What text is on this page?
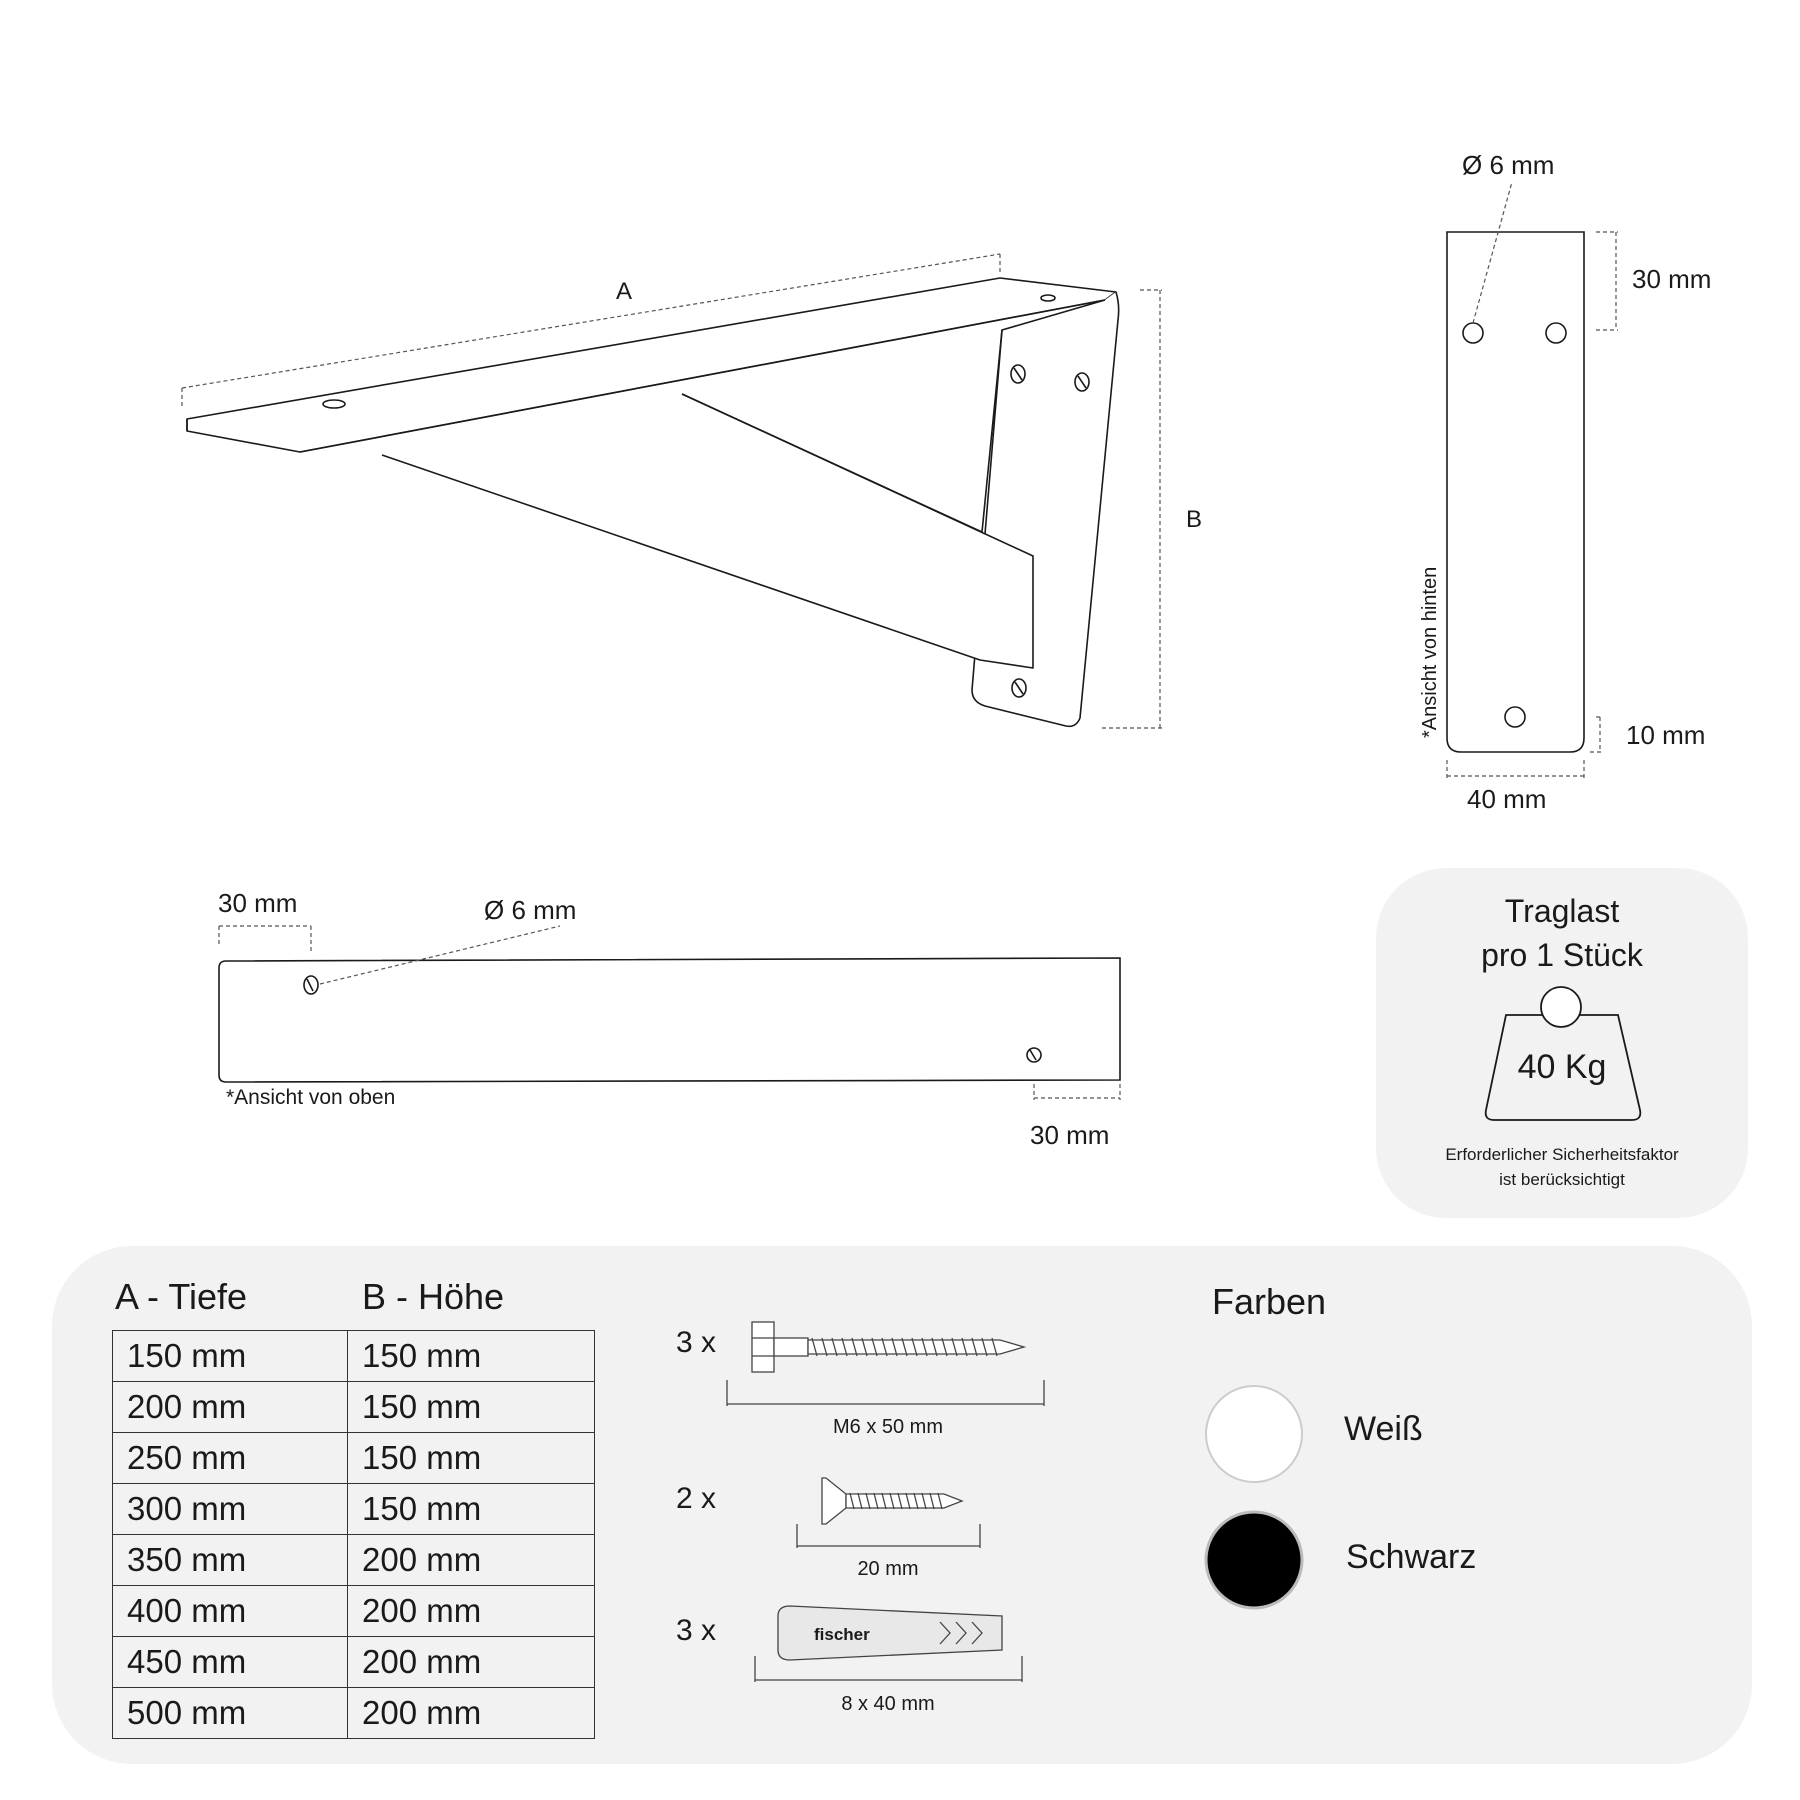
A
B
Ø 6 mm
30 mm
10 mm
40 mm
*Ansicht von hinten
30 mm	Ø 6 mm
30 mm
*Ansicht von oben
Traglast
pro 1 Stück
40 Kg
Erforderlicher Sicherheitsfaktor
ist berücksichtigt
3 x
M6 x 50 mm
2 x
20 mm
fischer
3 x
8 x 40 mm
Farben
Weiß
Schwarz
A - Tiefe	B - Höhe
150 mm	150 mm
200 mm	150 mm
250 mm	150 mm
300 mm	150 mm
350 mm	200 mm
400 mm	200 mm
450 mm	200 mm
500 mm	200 mm
